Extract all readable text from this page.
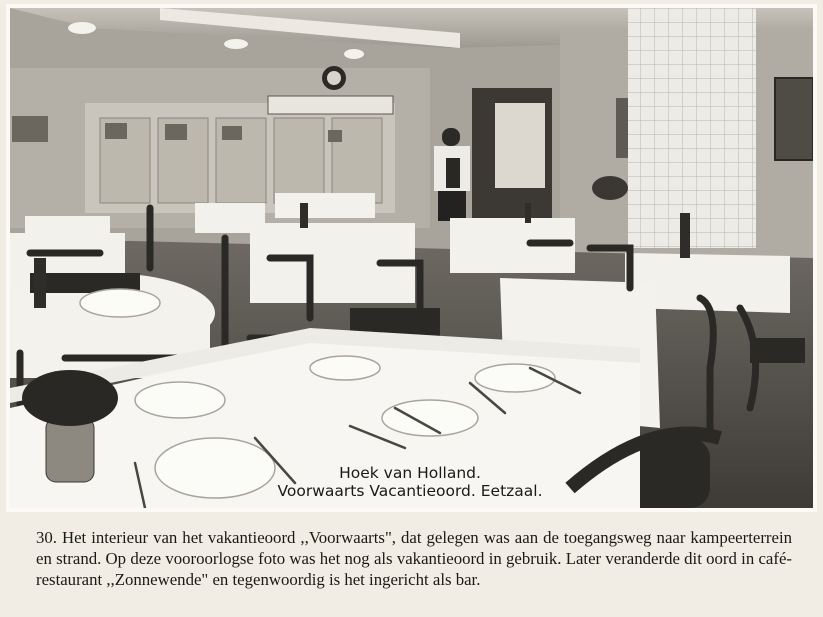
Hoek van Holland.
Voorwaarts Vacantieoord. Eetzaal.
30. Het interieur van het vakantieoord ,,Voorwaarts", dat gelegen was aan de toegangsweg naar kampeerterrein en strand. Op deze vooroorlogse foto was het nog als vakantieoord in gebruik. Later veranderde dit oord in café-restaurant ,,Zonnewende" en tegenwoordig is het ingericht als bar.
